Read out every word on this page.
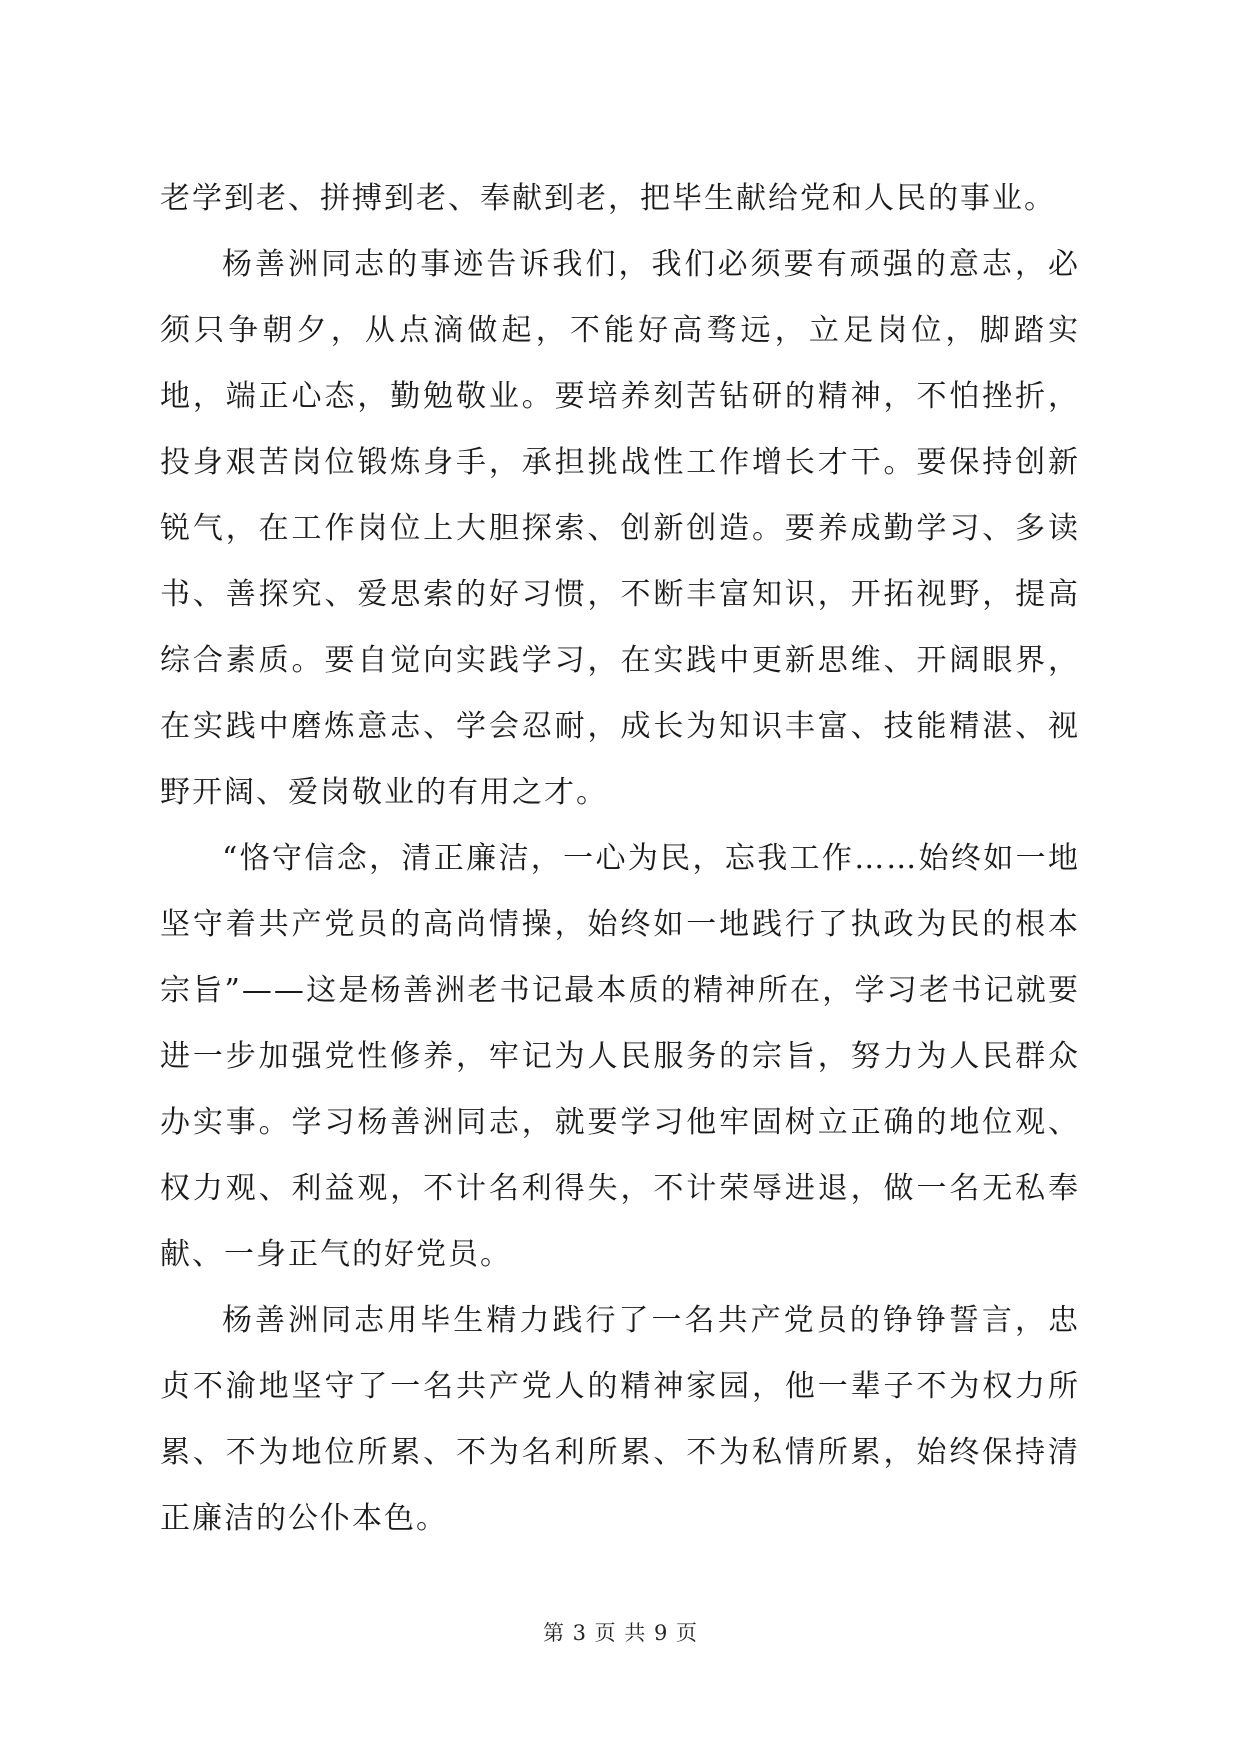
老学到老、拼搏到老、奉献到老，把毕生献给党和人民的事业。

杨善洲同志的事迹告诉我们，我们必须要有顽强的意志，必须只争朝夕，从点滴做起，不能好高骛远，立足岗位，脚踏实地，端正心态，勤勉敬业。要培养刻苦钻研的精神，不怕挫折，投身艰苦岗位锻炼身手，承担挑战性工作增长才干。要保持创新锐气，在工作岗位上大胆探索、创新创造。要养成勤学习、多读书、善探究、爱思索的好习惯，不断丰富知识，开拓视野，提高综合素质。要自觉向实践学习，在实践中更新思维、开阔眼界，在实践中磨炼意志、学会忍耐，成长为知识丰富、技能精湛、视野开阔、爱岗敬业的有用之才。

“恪守信念，清正廉洁，一心为民，忘我工作……始终如一地坚守着共产党员的高尚情操，始终如一地践行了执政为民的根本宗旨”——这是杨善洲老书记最本质的精神所在，学习老书记就要进一步加强党性修养，牢记为人民服务的宗旨，努力为人民群众办实事。学习杨善洲同志，就要学习他牢固树立正确的地位观、权力观、利益观，不计名利得失，不计荣辱进退，做一名无私奉献、一身正气的好党员。

杨善洲同志用毕生精力践行了一名共产党员的铮铮誓言，忠贞不渝地坚守了一名共产党人的精神家园，他一辈子不为权力所累、不为地位所累、不为名利所累、不为私情所累，始终保持清正廉洁的公仆本色。

第 3 页 共 9 页
